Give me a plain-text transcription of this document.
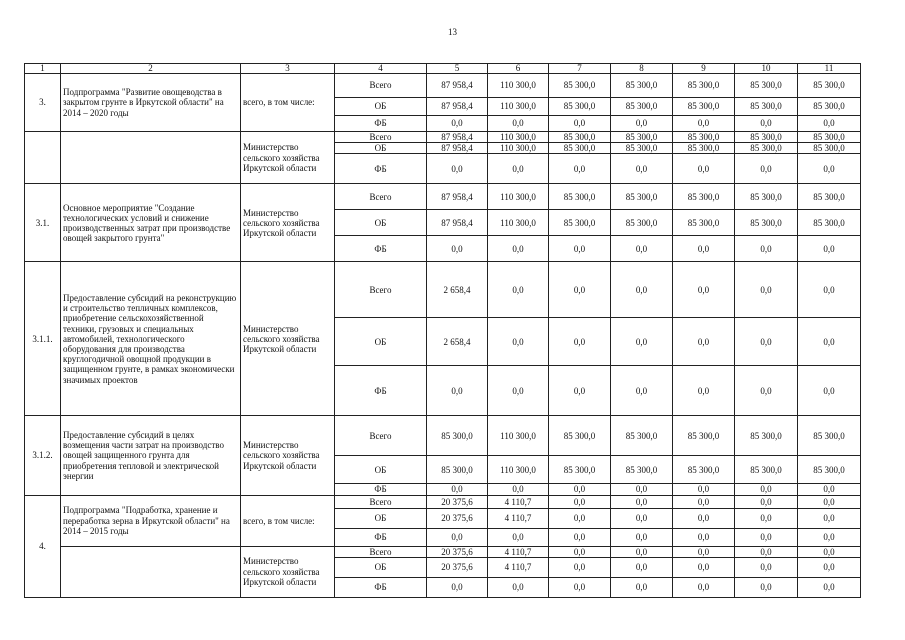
13
1	2	3	4	5	6	7	8	9	10	11
3.	Подпрограмма "Развитие овощеводства в закрытом грунте в Иркутской области" на 2014 – 2020 годы	всего, в том числе:	Всего	87 958,4	110 300,0	85 300,0	85 300,0	85 300,0	85 300,0	85 300,0
			ОБ	87 958,4	110 300,0	85 300,0	85 300,0	85 300,0	85 300,0	85 300,0
			ФБ	0,0	0,0	0,0	0,0	0,0	0,0	0,0
		Министерство сельского хозяйства Иркутской области	Всего	87 958,4	110 300,0	85 300,0	85 300,0	85 300,0	85 300,0	85 300,0
			ОБ	87 958,4	110 300,0	85 300,0	85 300,0	85 300,0	85 300,0	85 300,0
			ФБ	0,0	0,0	0,0	0,0	0,0	0,0	0,0
3.1.	Основное мероприятие "Создание технологических условий и снижение производственных затрат при производстве овощей закрытого грунта"	Министерство сельского хозяйства Иркутской области	Всего	87 958,4	110 300,0	85 300,0	85 300,0	85 300,0	85 300,0	85 300,0
			ОБ	87 958,4	110 300,0	85 300,0	85 300,0	85 300,0	85 300,0	85 300,0
			ФБ	0,0	0,0	0,0	0,0	0,0	0,0	0,0
3.1.1.	Предоставление субсидий на реконструкцию и строительство тепличных комплексов, приобретение сельскохозяйственной техники, грузовых и специальных автомобилей, технологического оборудования для производства круглогодичной овощной продукции в защищенном грунте, в рамках экономически значимых проектов	Министерство сельского хозяйства Иркутской области	Всего	2 658,4	0,0	0,0	0,0	0,0	0,0	0,0
			ОБ	2 658,4	0,0	0,0	0,0	0,0	0,0	0,0
			ФБ	0,0	0,0	0,0	0,0	0,0	0,0	0,0
3.1.2.	Предоставление субсидий в целях возмещения части затрат на производство овощей защищенного грунта для приобретения тепловой и электрической энергии	Министерство сельского хозяйства Иркутской области	Всего	85 300,0	110 300,0	85 300,0	85 300,0	85 300,0	85 300,0	85 300,0
			ОБ	85 300,0	110 300,0	85 300,0	85 300,0	85 300,0	85 300,0	85 300,0
			ФБ	0,0	0,0	0,0	0,0	0,0	0,0	0,0
4.	Подпрограмма "Подработка, хранение и переработка зерна в Иркутской области" на 2014 – 2015 годы	всего, в том числе:	Всего	20 375,6	4 110,7	0,0	0,0	0,0	0,0	0,0
			ОБ	20 375,6	4 110,7	0,0	0,0	0,0	0,0	0,0
			ФБ	0,0	0,0	0,0	0,0	0,0	0,0	0,0
		Министерство сельского хозяйства Иркутской области	Всего	20 375,6	4 110,7	0,0	0,0	0,0	0,0	0,0
			ОБ	20 375,6	4 110,7	0,0	0,0	0,0	0,0	0,0
			ФБ	0,0	0,0	0,0	0,0	0,0	0,0	0,0
